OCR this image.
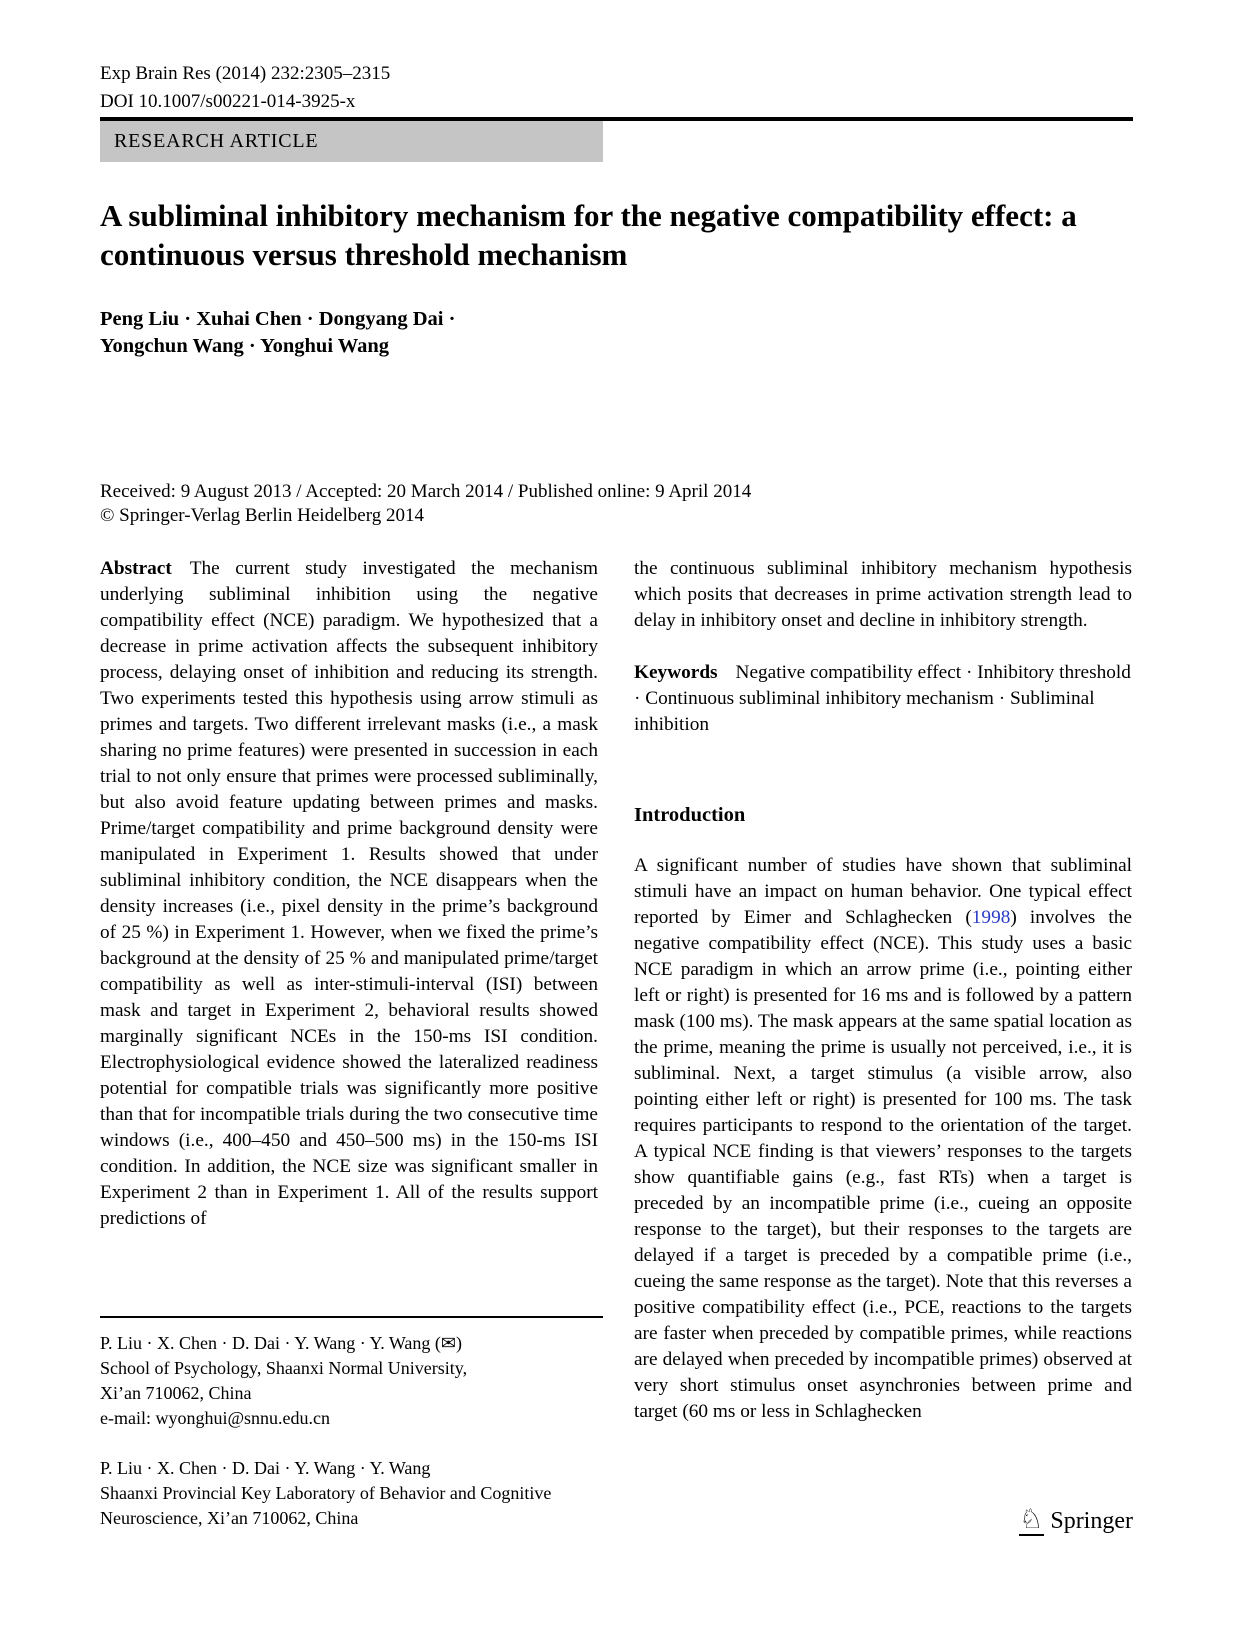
Exp Brain Res (2014) 232:2305–2315
DOI 10.1007/s00221-014-3925-x
RESEARCH ARTICLE
A subliminal inhibitory mechanism for the negative compatibility effect: a continuous versus threshold mechanism
Peng Liu · Xuhai Chen · Dongyang Dai ·
Yongchun Wang · Yonghui Wang
Received: 9 August 2013 / Accepted: 20 March 2014 / Published online: 9 April 2014
© Springer-Verlag Berlin Heidelberg 2014

Abstract The current study investigated the mechanism underlying subliminal inhibition using the negative compatibility effect (NCE) paradigm. We hypothesized that a decrease in prime activation affects the subsequent inhibitory process, delaying onset of inhibition and reducing its strength. Two experiments tested this hypothesis using arrow stimuli as primes and targets. Two different irrelevant masks (i.e., a mask sharing no prime features) were presented in succession in each trial to not only ensure that primes were processed subliminally, but also avoid feature updating between primes and masks. Prime/target compatibility and prime background density were manipulated in Experiment 1. Results showed that under subliminal inhibitory condition, the NCE disappears when the density increases (i.e., pixel density in the prime’s background of 25 %) in Experiment 1. However, when we fixed the prime’s background at the density of 25 % and manipulated prime/target compatibility as well as inter-stimuli-interval (ISI) between mask and target in Experiment 2, behavioral results showed marginally significant NCEs in the 150-ms ISI condition. Electrophysiological evidence showed the lateralized readiness potential for compatible trials was significantly more positive than that for incompatible trials during the two consecutive time windows (i.e., 400–450 and 450–500 ms) in the 150-ms ISI condition. In addition, the NCE size was significant smaller in Experiment 2 than in Experiment 1. All of the results support predictions of

the continuous subliminal inhibitory mechanism hypothesis which posits that decreases in prime activation strength lead to delay in inhibitory onset and decline in inhibitory strength.

Keywords Negative compatibility effect · Inhibitory threshold · Continuous subliminal inhibitory mechanism · Subliminal inhibition

Introduction

A significant number of studies have shown that subliminal stimuli have an impact on human behavior. One typical effect reported by Eimer and Schlaghecken (1998) involves the negative compatibility effect (NCE). This study uses a basic NCE paradigm in which an arrow prime (i.e., pointing either left or right) is presented for 16 ms and is followed by a pattern mask (100 ms). The mask appears at the same spatial location as the prime, meaning the prime is usually not perceived, i.e., it is subliminal. Next, a target stimulus (a visible arrow, also pointing either left or right) is presented for 100 ms. The task requires participants to respond to the orientation of the target. A typical NCE finding is that viewers’ responses to the targets show quantifiable gains (e.g., fast RTs) when a target is preceded by an incompatible prime (i.e., cueing an opposite response to the target), but their responses to the targets are delayed if a target is preceded by a compatible prime (i.e., cueing the same response as the target). Note that this reverses a positive compatibility effect (i.e., PCE, reactions to the targets are faster when preceded by compatible primes, while reactions are delayed when preceded by incompatible primes) observed at very short stimulus onset asynchronies between prime and target (60 ms or less in Schlaghecken

P. Liu · X. Chen · D. Dai · Y. Wang · Y. Wang (✉)
School of Psychology, Shaanxi Normal University,
Xi’an 710062, China
e-mail: wyonghui@snnu.edu.cn
P. Liu · X. Chen · D. Dai · Y. Wang · Y. Wang
Shaanxi Provincial Key Laboratory of Behavior and Cognitive
Neuroscience, Xi’an 710062, China	♘ Springer
